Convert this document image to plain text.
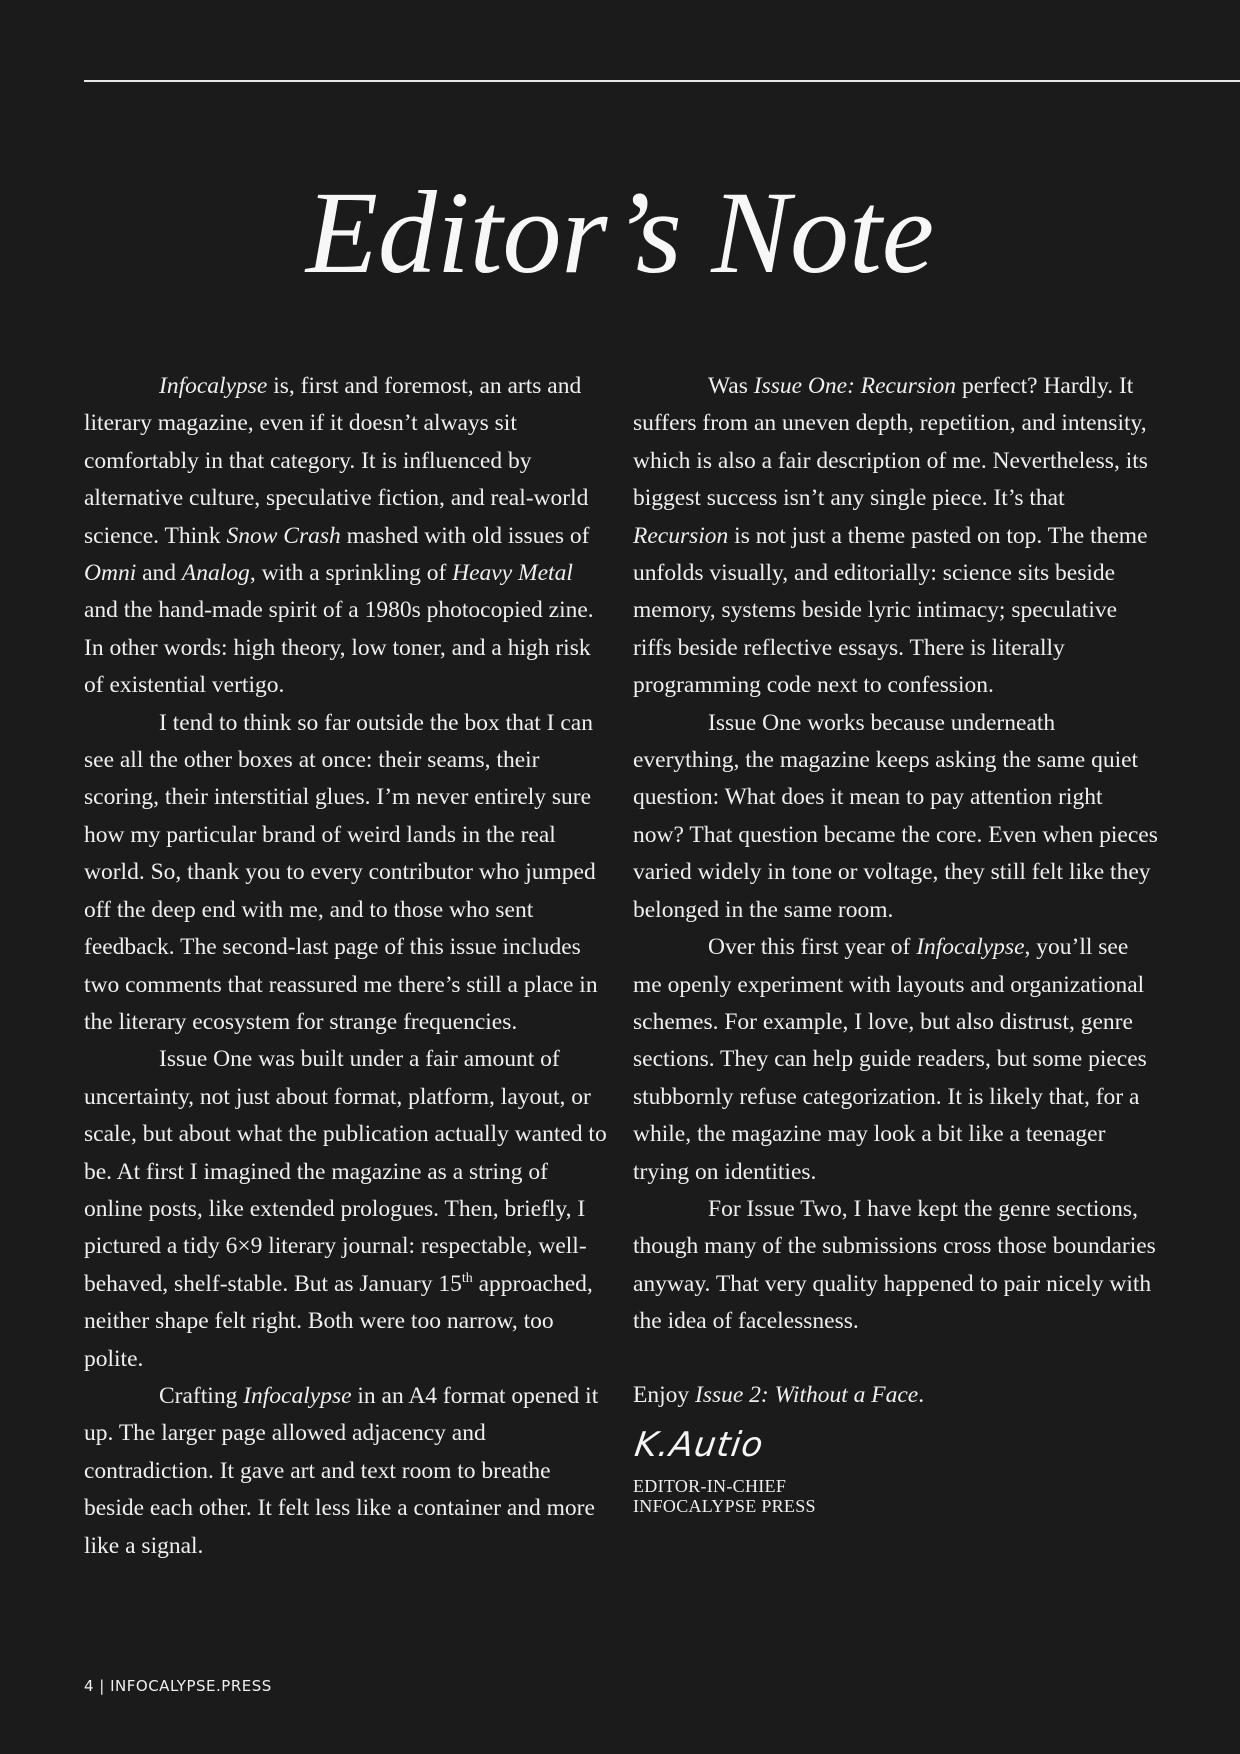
Editor’s Note

Infocalypse is, first and foremost, an arts and literary magazine, even if it doesn’t always sit comfortably in that category. It is influenced by alternative culture, speculative fiction, and real-world science. Think Snow Crash mashed with old issues of Omni and Analog, with a sprinkling of Heavy Metal and the hand-made spirit of a 1980s photocopied zine. In other words: high theory, low toner, and a high risk of existential vertigo.

I tend to think so far outside the box that I can see all the other boxes at once: their seams, their scoring, their interstitial glues. I’m never entirely sure how my particular brand of weird lands in the real world. So, thank you to every contributor who jumped off the deep end with me, and to those who sent feedback. The second-last page of this issue includes two comments that reassured me there’s still a place in the literary ecosystem for strange frequencies.

Issue One was built under a fair amount of uncertainty, not just about format, platform, layout, or scale, but about what the publication actually wanted to be. At first I imagined the magazine as a string of online posts, like extended prologues. Then, briefly, I pictured a tidy 6×9 literary journal: respectable, well-behaved, shelf-stable. But as January 15th approached, neither shape felt right. Both were too narrow, too polite.

Crafting Infocalypse in an A4 format opened it up. The larger page allowed adjacency and contradiction. It gave art and text room to breathe beside each other. It felt less like a container and more like a signal.

Was Issue One: Recursion perfect? Hardly. It suffers from an uneven depth, repetition, and intensity, which is also a fair description of me. Nevertheless, its biggest success isn’t any single piece. It’s that Recursion is not just a theme pasted on top. The theme unfolds visually, and editorially: science sits beside memory, systems beside lyric intimacy; speculative riffs beside reflective essays. There is literally programming code next to confession.

Issue One works because underneath everything, the magazine keeps asking the same quiet question: What does it mean to pay attention right now? That question became the core. Even when pieces varied widely in tone or voltage, they still felt like they belonged in the same room.

Over this first year of Infocalypse, you’ll see me openly experiment with layouts and organizational schemes. For example, I love, but also distrust, genre sections. They can help guide readers, but some pieces stubbornly refuse categorization. It is likely that, for a while, the magazine may look a bit like a teenager trying on identities.

For Issue Two, I have kept the genre sections, though many of the submissions cross those boundaries anyway. That very quality happened to pair nicely with the idea of facelessness.

Enjoy Issue 2: Without a Face.

K.Autio
EDITOR-IN-CHIEF
INFOCALYPSE PRESS
4 | INFOCALYPSE.PRESS
